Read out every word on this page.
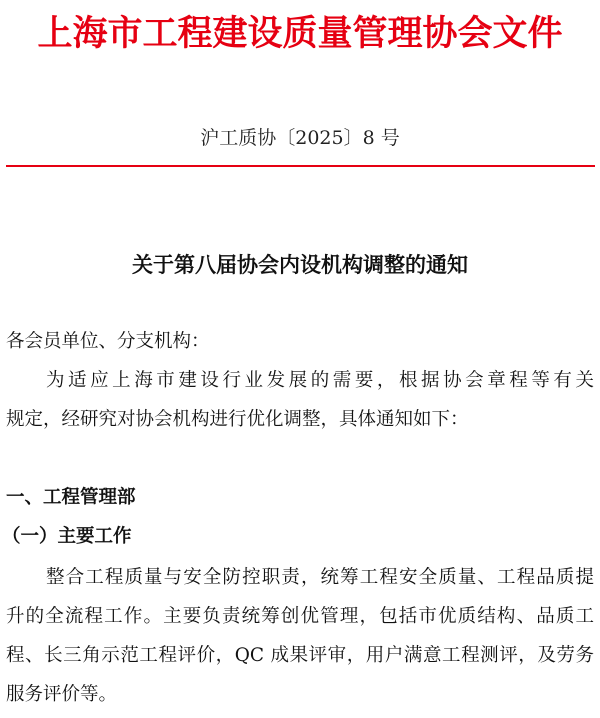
上海市工程建设质量管理协会文件
沪工质协〔2025〕8 号
关于第八届协会内设机构调整的通知
各会员单位、分支机构：
为适应上海市建设行业发展的需要，根据协会章程等有关
规定，经研究对协会机构进行优化调整，具体通知如下：
一、工程管理部
（一）主要工作
整合工程质量与安全防控职责，统筹工程安全质量、工程品质提
升的全流程工作。主要负责统筹创优管理，包括市优质结构、品质工
程、长三角示范工程评价，QC 成果评审，用户满意工程测评，及劳务
服务评价等。
